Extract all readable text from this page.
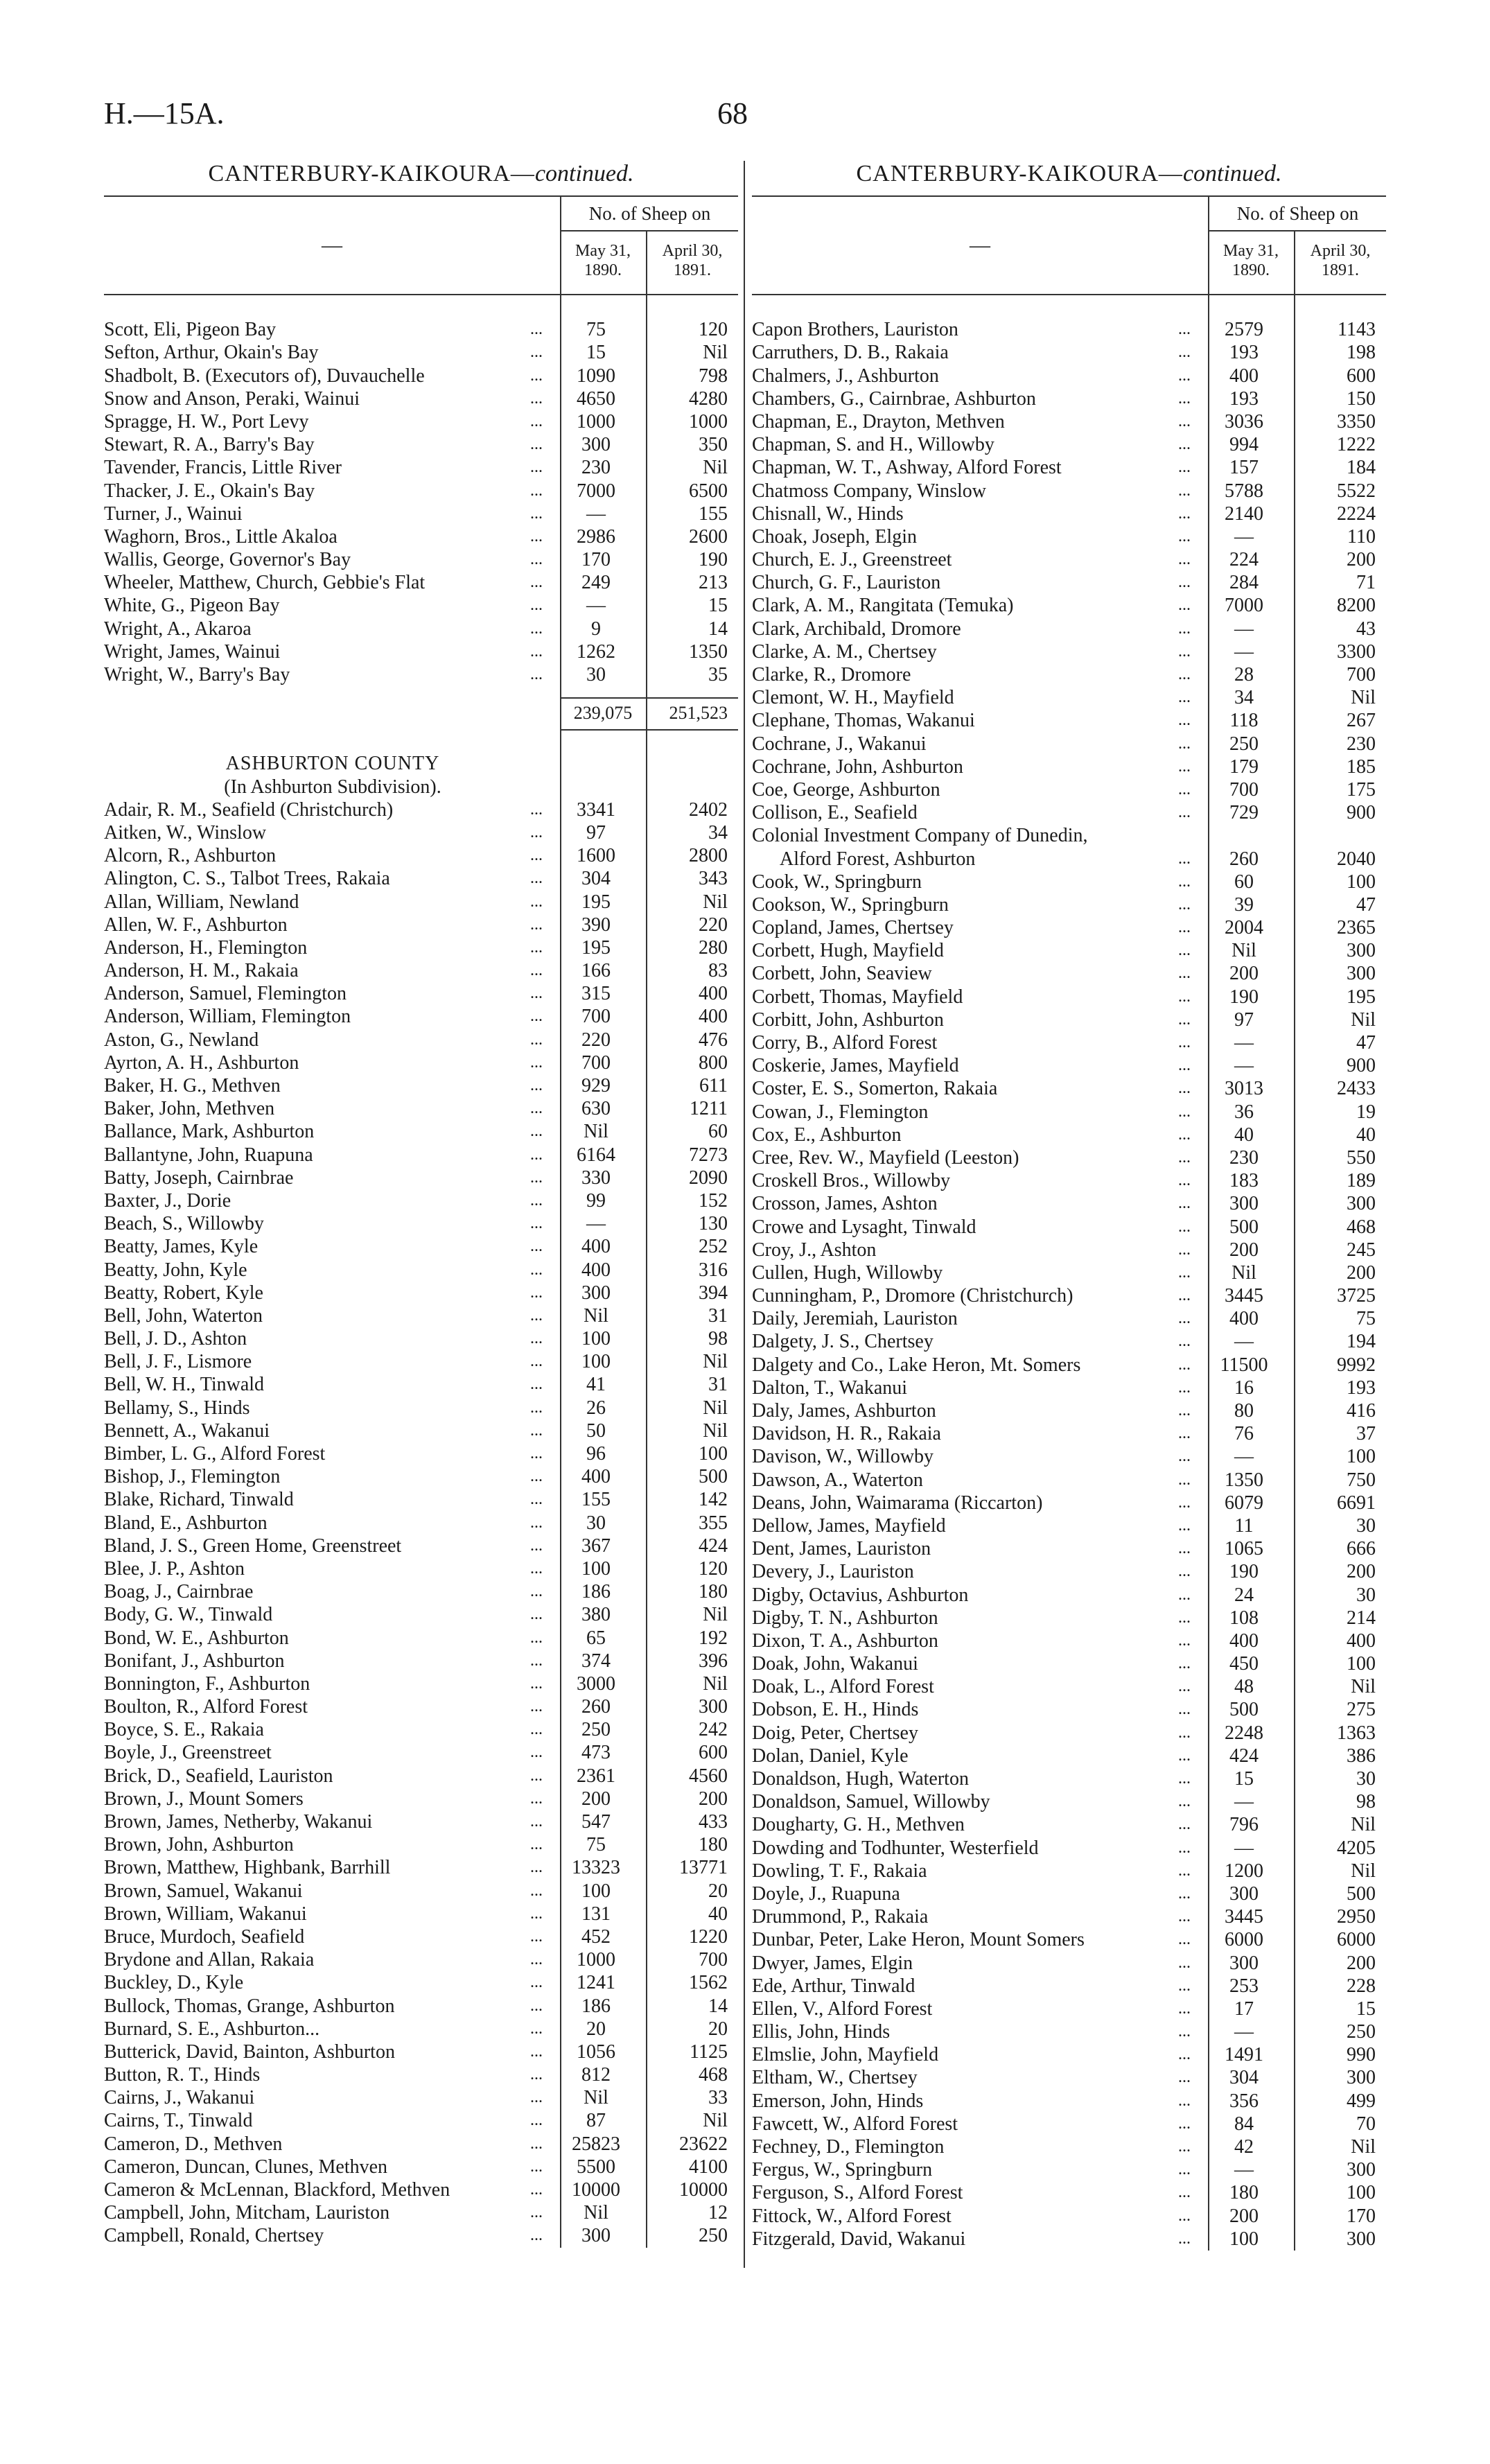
H.—15A.	68
CANTERBURY-KAIKOURA—continued.
—
No. of Sheep on
May 31, 1890.
April 30, 1891.
Scott, Eli, Pigeon Bay	...	75	120
Sefton, Arthur, Okain's Bay	...	15	Nil
Shadbolt, B. (Executors of), Duvauchelle	...	1090	798
Snow and Anson, Peraki, Wainui	...	4650	4280
Spragge, H. W., Port Levy	...	1000	1000
Stewart, R. A., Barry's Bay	...	300	350
Tavender, Francis, Little River	...	230	Nil
Thacker, J. E., Okain's Bay	...	7000	6500
Turner, J., Wainui	...	—	155
Waghorn, Bros., Little Akaloa	...	2986	2600
Wallis, George, Governor's Bay	...	170	190
Wheeler, Matthew, Church, Gebbie's Flat	...	249	213
White, G., Pigeon Bay	...	—	15
Wright, A., Akaroa	...	9	14
Wright, James, Wainui	...	1262	1350
Wright, W., Barry's Bay	...	30	35
239,075	251,523
ASHBURTON COUNTY
(In Ashburton Subdivision).
Adair, R. M., Seafield (Christchurch)	...	3341	2402
Aitken, W., Winslow	...	97	34
Alcorn, R., Ashburton	...	1600	2800
Alington, C. S., Talbot Trees, Rakaia	...	304	343
Allan, William, Newland	...	195	Nil
Allen, W. F., Ashburton	...	390	220
Anderson, H., Flemington	...	195	280
Anderson, H. M., Rakaia	...	166	83
Anderson, Samuel, Flemington	...	315	400
Anderson, William, Flemington	...	700	400
Aston, G., Newland	...	220	476
Ayrton, A. H., Ashburton	...	700	800
Baker, H. G., Methven	...	929	611
Baker, John, Methven	...	630	1211
Ballance, Mark, Ashburton	...	Nil	60
Ballantyne, John, Ruapuna	...	6164	7273
Batty, Joseph, Cairnbrae	...	330	2090
Baxter, J., Dorie	...	99	152
Beach, S., Willowby	...	—	130
Beatty, James, Kyle	...	400	252
Beatty, John, Kyle	...	400	316
Beatty, Robert, Kyle	...	300	394
Bell, John, Waterton	...	Nil	31
Bell, J. D., Ashton	...	100	98
Bell, J. F., Lismore	...	100	Nil
Bell, W. H., Tinwald	...	41	31
Bellamy, S., Hinds	...	26	Nil
Bennett, A., Wakanui	...	50	Nil
Bimber, L. G., Alford Forest	...	96	100
Bishop, J., Flemington	...	400	500
Blake, Richard, Tinwald	...	155	142
Bland, E., Ashburton	...	30	355
Bland, J. S., Green Home, Greenstreet	...	367	424
Blee, J. P., Ashton	...	100	120
Boag, J., Cairnbrae	...	186	180
Body, G. W., Tinwald	...	380	Nil
Bond, W. E., Ashburton	...	65	192
Bonifant, J., Ashburton	...	374	396
Bonnington, F., Ashburton	...	3000	Nil
Boulton, R., Alford Forest	...	260	300
Boyce, S. E., Rakaia	...	250	242
Boyle, J., Greenstreet	...	473	600
Brick, D., Seafield, Lauriston	...	2361	4560
Brown, J., Mount Somers	...	200	200
Brown, James, Netherby, Wakanui	...	547	433
Brown, John, Ashburton	...	75	180
Brown, Matthew, Highbank, Barrhill	...	13323	13771
Brown, Samuel, Wakanui	...	100	20
Brown, William, Wakanui	...	131	40
Bruce, Murdoch, Seafield	...	452	1220
Brydone and Allan, Rakaia	...	1000	700
Buckley, D., Kyle	...	1241	1562
Bullock, Thomas, Grange, Ashburton	...	186	14
Burnard, S. E., Ashburton...	...	20	20
Butterick, David, Bainton, Ashburton	...	1056	1125
Button, R. T., Hinds	...	812	468
Cairns, J., Wakanui	...	Nil	33
Cairns, T., Tinwald	...	87	Nil
Cameron, D., Methven	...	25823	23622
Cameron, Duncan, Clunes, Methven	...	5500	4100
Cameron & McLennan, Blackford, Methven	...	10000	10000
Campbell, John, Mitcham, Lauriston	...	Nil	12
Campbell, Ronald, Chertsey	...	300	250
CANTERBURY-KAIKOURA—continued.
—
No. of Sheep on
May 31, 1890.
April 30, 1891.
Capon Brothers, Lauriston	...	2579	1143
Carruthers, D. B., Rakaia	...	193	198
Chalmers, J., Ashburton	...	400	600
Chambers, G., Cairnbrae, Ashburton	...	193	150
Chapman, E., Drayton, Methven	...	3036	3350
Chapman, S. and H., Willowby	...	994	1222
Chapman, W. T., Ashway, Alford Forest	...	157	184
Chatmoss Company, Winslow	...	5788	5522
Chisnall, W., Hinds	...	2140	2224
Choak, Joseph, Elgin	...	—	110
Church, E. J., Greenstreet	...	224	200
Church, G. F., Lauriston	...	284	71
Clark, A. M., Rangitata (Temuka)	...	7000	8200
Clark, Archibald, Dromore	...	—	43
Clarke, A. M., Chertsey	...	—	3300
Clarke, R., Dromore	...	28	700
Clemont, W. H., Mayfield	...	34	Nil
Clephane, Thomas, Wakanui	...	118	267
Cochrane, J., Wakanui	...	250	230
Cochrane, John, Ashburton	...	179	185
Coe, George, Ashburton	...	700	175
Collison, E., Seafield	...	729	900
Colonial Investment Company of Dunedin,
Alford Forest, Ashburton	...	260	2040
Cook, W., Springburn	...	60	100
Cookson, W., Springburn	...	39	47
Copland, James, Chertsey	...	2004	2365
Corbett, Hugh, Mayfield	...	Nil	300
Corbett, John, Seaview	...	200	300
Corbett, Thomas, Mayfield	...	190	195
Corbitt, John, Ashburton	...	97	Nil
Corry, B., Alford Forest	...	—	47
Coskerie, James, Mayfield	...	—	900
Coster, E. S., Somerton, Rakaia	...	3013	2433
Cowan, J., Flemington	...	36	19
Cox, E., Ashburton	...	40	40
Cree, Rev. W., Mayfield (Leeston)	...	230	550
Croskell Bros., Willowby	...	183	189
Crosson, James, Ashton	...	300	300
Crowe and Lysaght, Tinwald	...	500	468
Croy, J., Ashton	...	200	245
Cullen, Hugh, Willowby	...	Nil	200
Cunningham, P., Dromore (Christchurch)	...	3445	3725
Daily, Jeremiah, Lauriston	...	400	75
Dalgety, J. S., Chertsey	...	—	194
Dalgety and Co., Lake Heron, Mt. Somers	...	11500	9992
Dalton, T., Wakanui	...	16	193
Daly, James, Ashburton	...	80	416
Davidson, H. R., Rakaia	...	76	37
Davison, W., Willowby	...	—	100
Dawson, A., Waterton	...	1350	750
Deans, John, Waimarama (Riccarton)	...	6079	6691
Dellow, James, Mayfield	...	11	30
Dent, James, Lauriston	...	1065	666
Devery, J., Lauriston	...	190	200
Digby, Octavius, Ashburton	...	24	30
Digby, T. N., Ashburton	...	108	214
Dixon, T. A., Ashburton	...	400	400
Doak, John, Wakanui	...	450	100
Doak, L., Alford Forest	...	48	Nil
Dobson, E. H., Hinds	...	500	275
Doig, Peter, Chertsey	...	2248	1363
Dolan, Daniel, Kyle	...	424	386
Donaldson, Hugh, Waterton	...	15	30
Donaldson, Samuel, Willowby	...	—	98
Dougharty, G. H., Methven	...	796	Nil
Dowding and Todhunter, Westerfield	...	—	4205
Dowling, T. F., Rakaia	...	1200	Nil
Doyle, J., Ruapuna	...	300	500
Drummond, P., Rakaia	...	3445	2950
Dunbar, Peter, Lake Heron, Mount Somers	...	6000	6000
Dwyer, James, Elgin	...	300	200
Ede, Arthur, Tinwald	...	253	228
Ellen, V., Alford Forest	...	17	15
Ellis, John, Hinds	...	—	250
Elmslie, John, Mayfield	...	1491	990
Eltham, W., Chertsey	...	304	300
Emerson, John, Hinds	...	356	499
Fawcett, W., Alford Forest	...	84	70
Fechney, D., Flemington	...	42	Nil
Fergus, W., Springburn	...	—	300
Ferguson, S., Alford Forest	...	180	100
Fittock, W., Alford Forest	...	200	170
Fitzgerald, David, Wakanui	...	100	300
